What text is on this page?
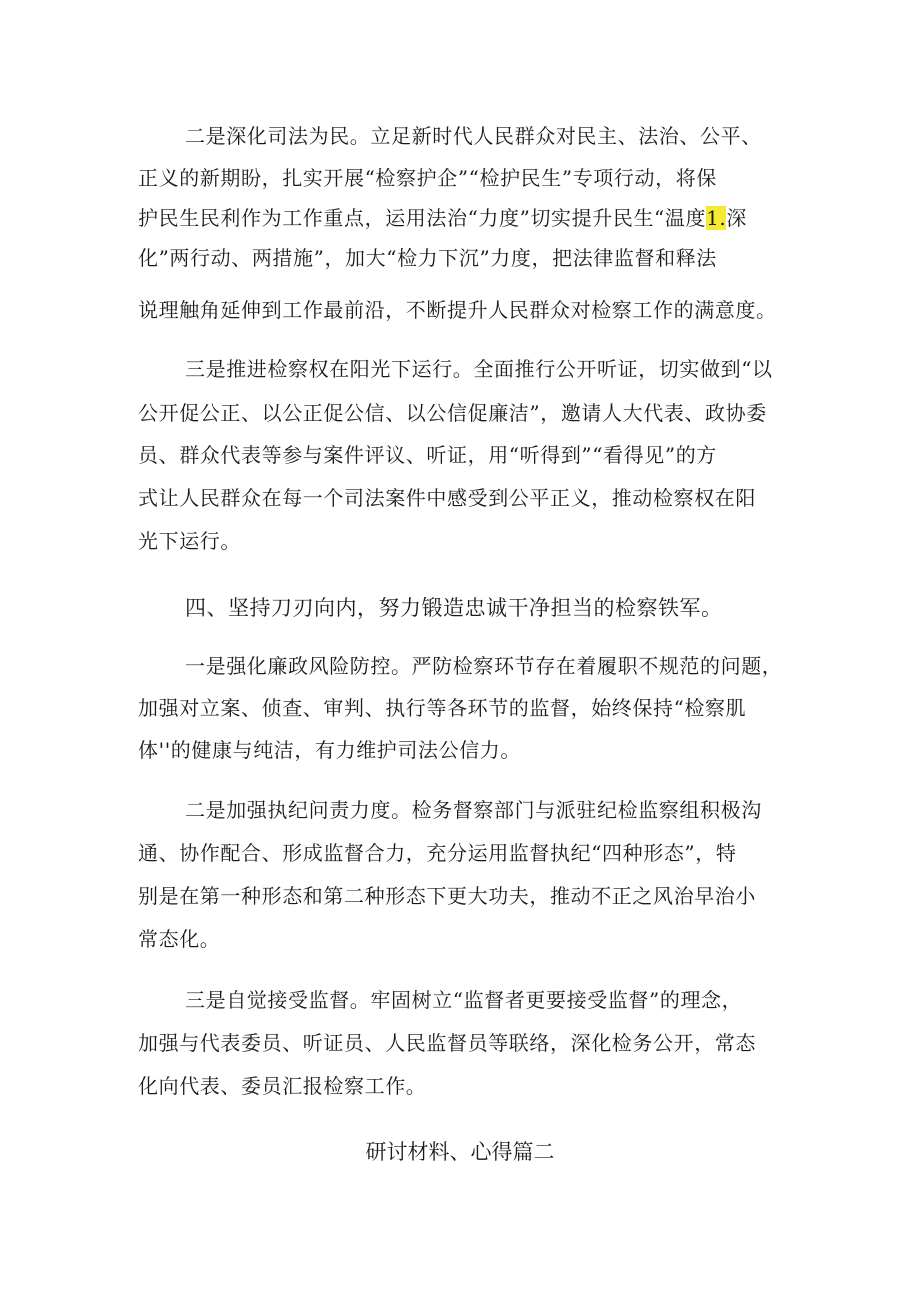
二是深化司法为民。立足新时代人民群众对民主、法治、公平、
正义的新期盼，扎实开展“检察护企”“检护民生”专项行动，将保
护民生民利作为工作重点，运用法治“力度”切实提升民生“温度1.深
化”两行动、两措施”，加大“检力下沉”力度，把法律监督和释法
说理触角延伸到工作最前沿，不断提升人民群众对检察工作的满意度。
三是推进检察权在阳光下运行。全面推行公开听证，切实做到“以
公开促公正、以公正促公信、以公信促廉洁”，邀请人大代表、政协委
员、群众代表等参与案件评议、听证，用“听得到”“看得见”的方
式让人民群众在每一个司法案件中感受到公平正义，推动检察权在阳
光下运行。
四、坚持刀刃向内，努力锻造忠诚干净担当的检察铁军。
一是强化廉政风险防控。严防检察环节存在着履职不规范的问题，
加强对立案、侦查、审判、执行等各环节的监督，始终保持“检察肌
体''的健康与纯洁，有力维护司法公信力。
二是加强执纪问责力度。检务督察部门与派驻纪检监察组积极沟
通、协作配合、形成监督合力，充分运用监督执纪“四种形态”，特
别是在第一种形态和第二种形态下更大功夫，推动不正之风治早治小
常态化。
三是自觉接受监督。牢固树立“监督者更要接受监督”的理念，
加强与代表委员、听证员、人民监督员等联络，深化检务公开，常态
化向代表、委员汇报检察工作。
研讨材料、心得篇二
